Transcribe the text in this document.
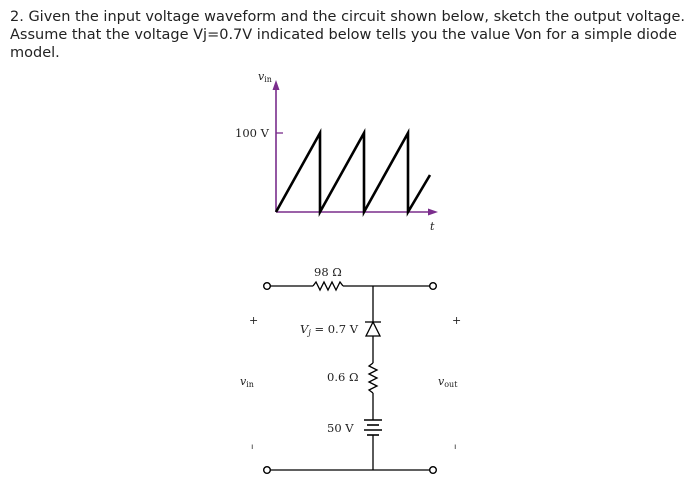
2. Given the input voltage waveform and the circuit shown below, sketch the output voltage.
Assume that the voltage Vj=0.7V indicated below tells you the value Von for a simple diode
model.

vin
100 V
t
98 Ω
Vj = 0.7 V
0.6 Ω
50 V
+
vin
–
+
vout
–
